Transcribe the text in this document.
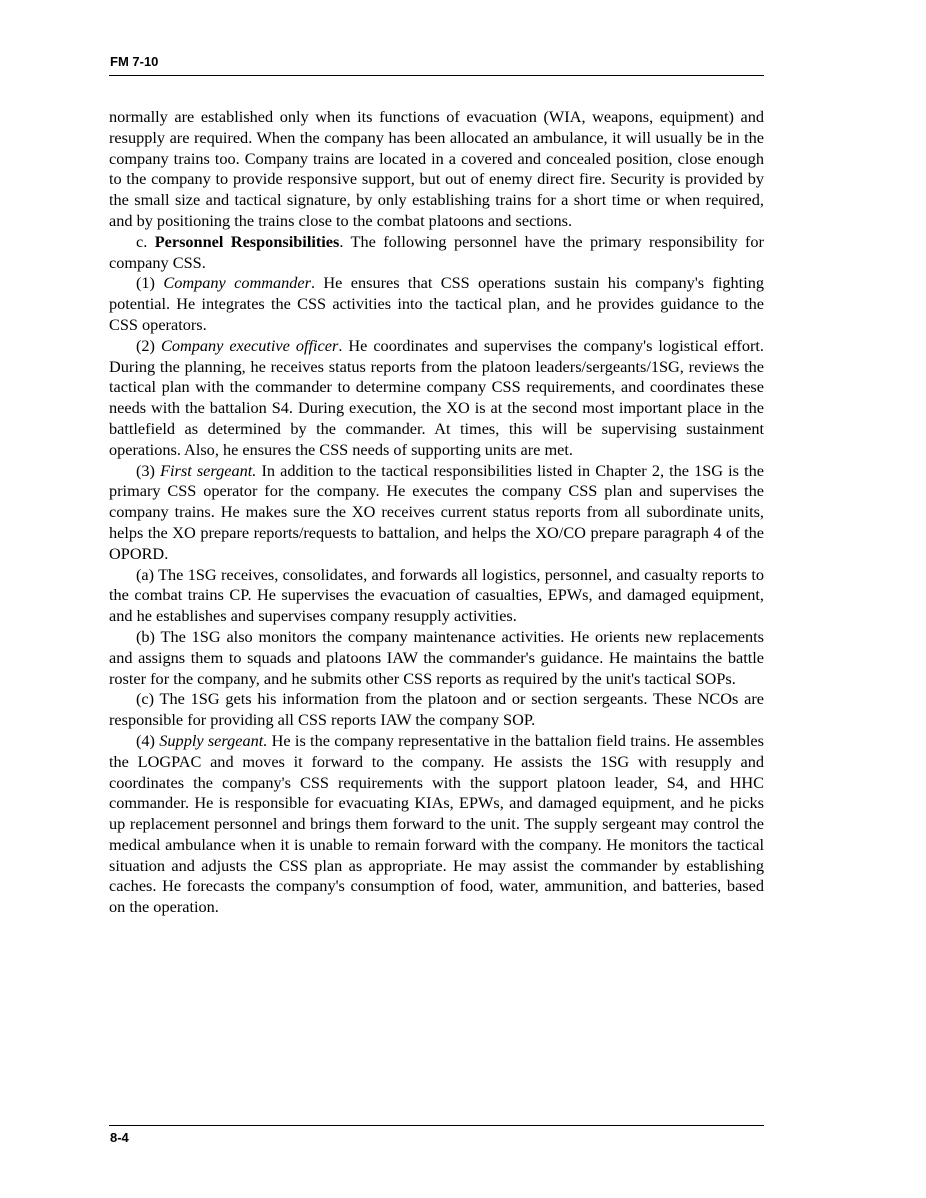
FM 7-10

normally are established only when its functions of evacuation (WIA, weapons, equipment) and resupply are required. When the company has been allocated an ambulance, it will usually be in the company trains too. Company trains are located in a covered and concealed position, close enough to the company to provide responsive support, but out of enemy direct fire. Security is provided by the small size and tactical signature, by only establishing trains for a short time or when required, and by positioning the trains close to the combat platoons and sections.

c. Personnel Responsibilities. The following personnel have the primary responsibility for company CSS.

(1) Company commander. He ensures that CSS operations sustain his company's fighting potential. He integrates the CSS activities into the tactical plan, and he provides guidance to the CSS operators.

(2) Company executive officer. He coordinates and supervises the company's logistical effort. During the planning, he receives status reports from the platoon leaders/sergeants/1SG, reviews the tactical plan with the commander to determine company CSS requirements, and coordinates these needs with the battalion S4. During execution, the XO is at the second most important place in the battlefield as determined by the commander. At times, this will be supervising sustainment operations. Also, he ensures the CSS needs of supporting units are met.

(3) First sergeant. In addition to the tactical responsibilities listed in Chapter 2, the 1SG is the primary CSS operator for the company. He executes the company CSS plan and supervises the company trains. He makes sure the XO receives current status reports from all subordinate units, helps the XO prepare reports/requests to battalion, and helps the XO/CO prepare paragraph 4 of the OPORD.

(a) The 1SG receives, consolidates, and forwards all logistics, personnel, and casualty reports to the combat trains CP. He supervises the evacuation of casualties, EPWs, and damaged equipment, and he establishes and supervises company resupply activities.

(b) The 1SG also monitors the company maintenance activities. He orients new replacements and assigns them to squads and platoons IAW the commander's guidance. He maintains the battle roster for the company, and he submits other CSS reports as required by the unit's tactical SOPs.

(c) The 1SG gets his information from the platoon and or section sergeants. These NCOs are responsible for providing all CSS reports IAW the company SOP.

(4) Supply sergeant. He is the company representative in the battalion field trains. He assembles the LOGPAC and moves it forward to the company. He assists the 1SG with resupply and coordinates the company's CSS requirements with the support platoon leader, S4, and HHC commander. He is responsible for evacuating KIAs, EPWs, and damaged equipment, and he picks up replacement personnel and brings them forward to the unit. The supply sergeant may control the medical ambulance when it is unable to remain forward with the company. He monitors the tactical situation and adjusts the CSS plan as appropriate. He may assist the commander by establishing caches. He forecasts the company's consumption of food, water, ammunition, and batteries, based on the operation.

8-4
